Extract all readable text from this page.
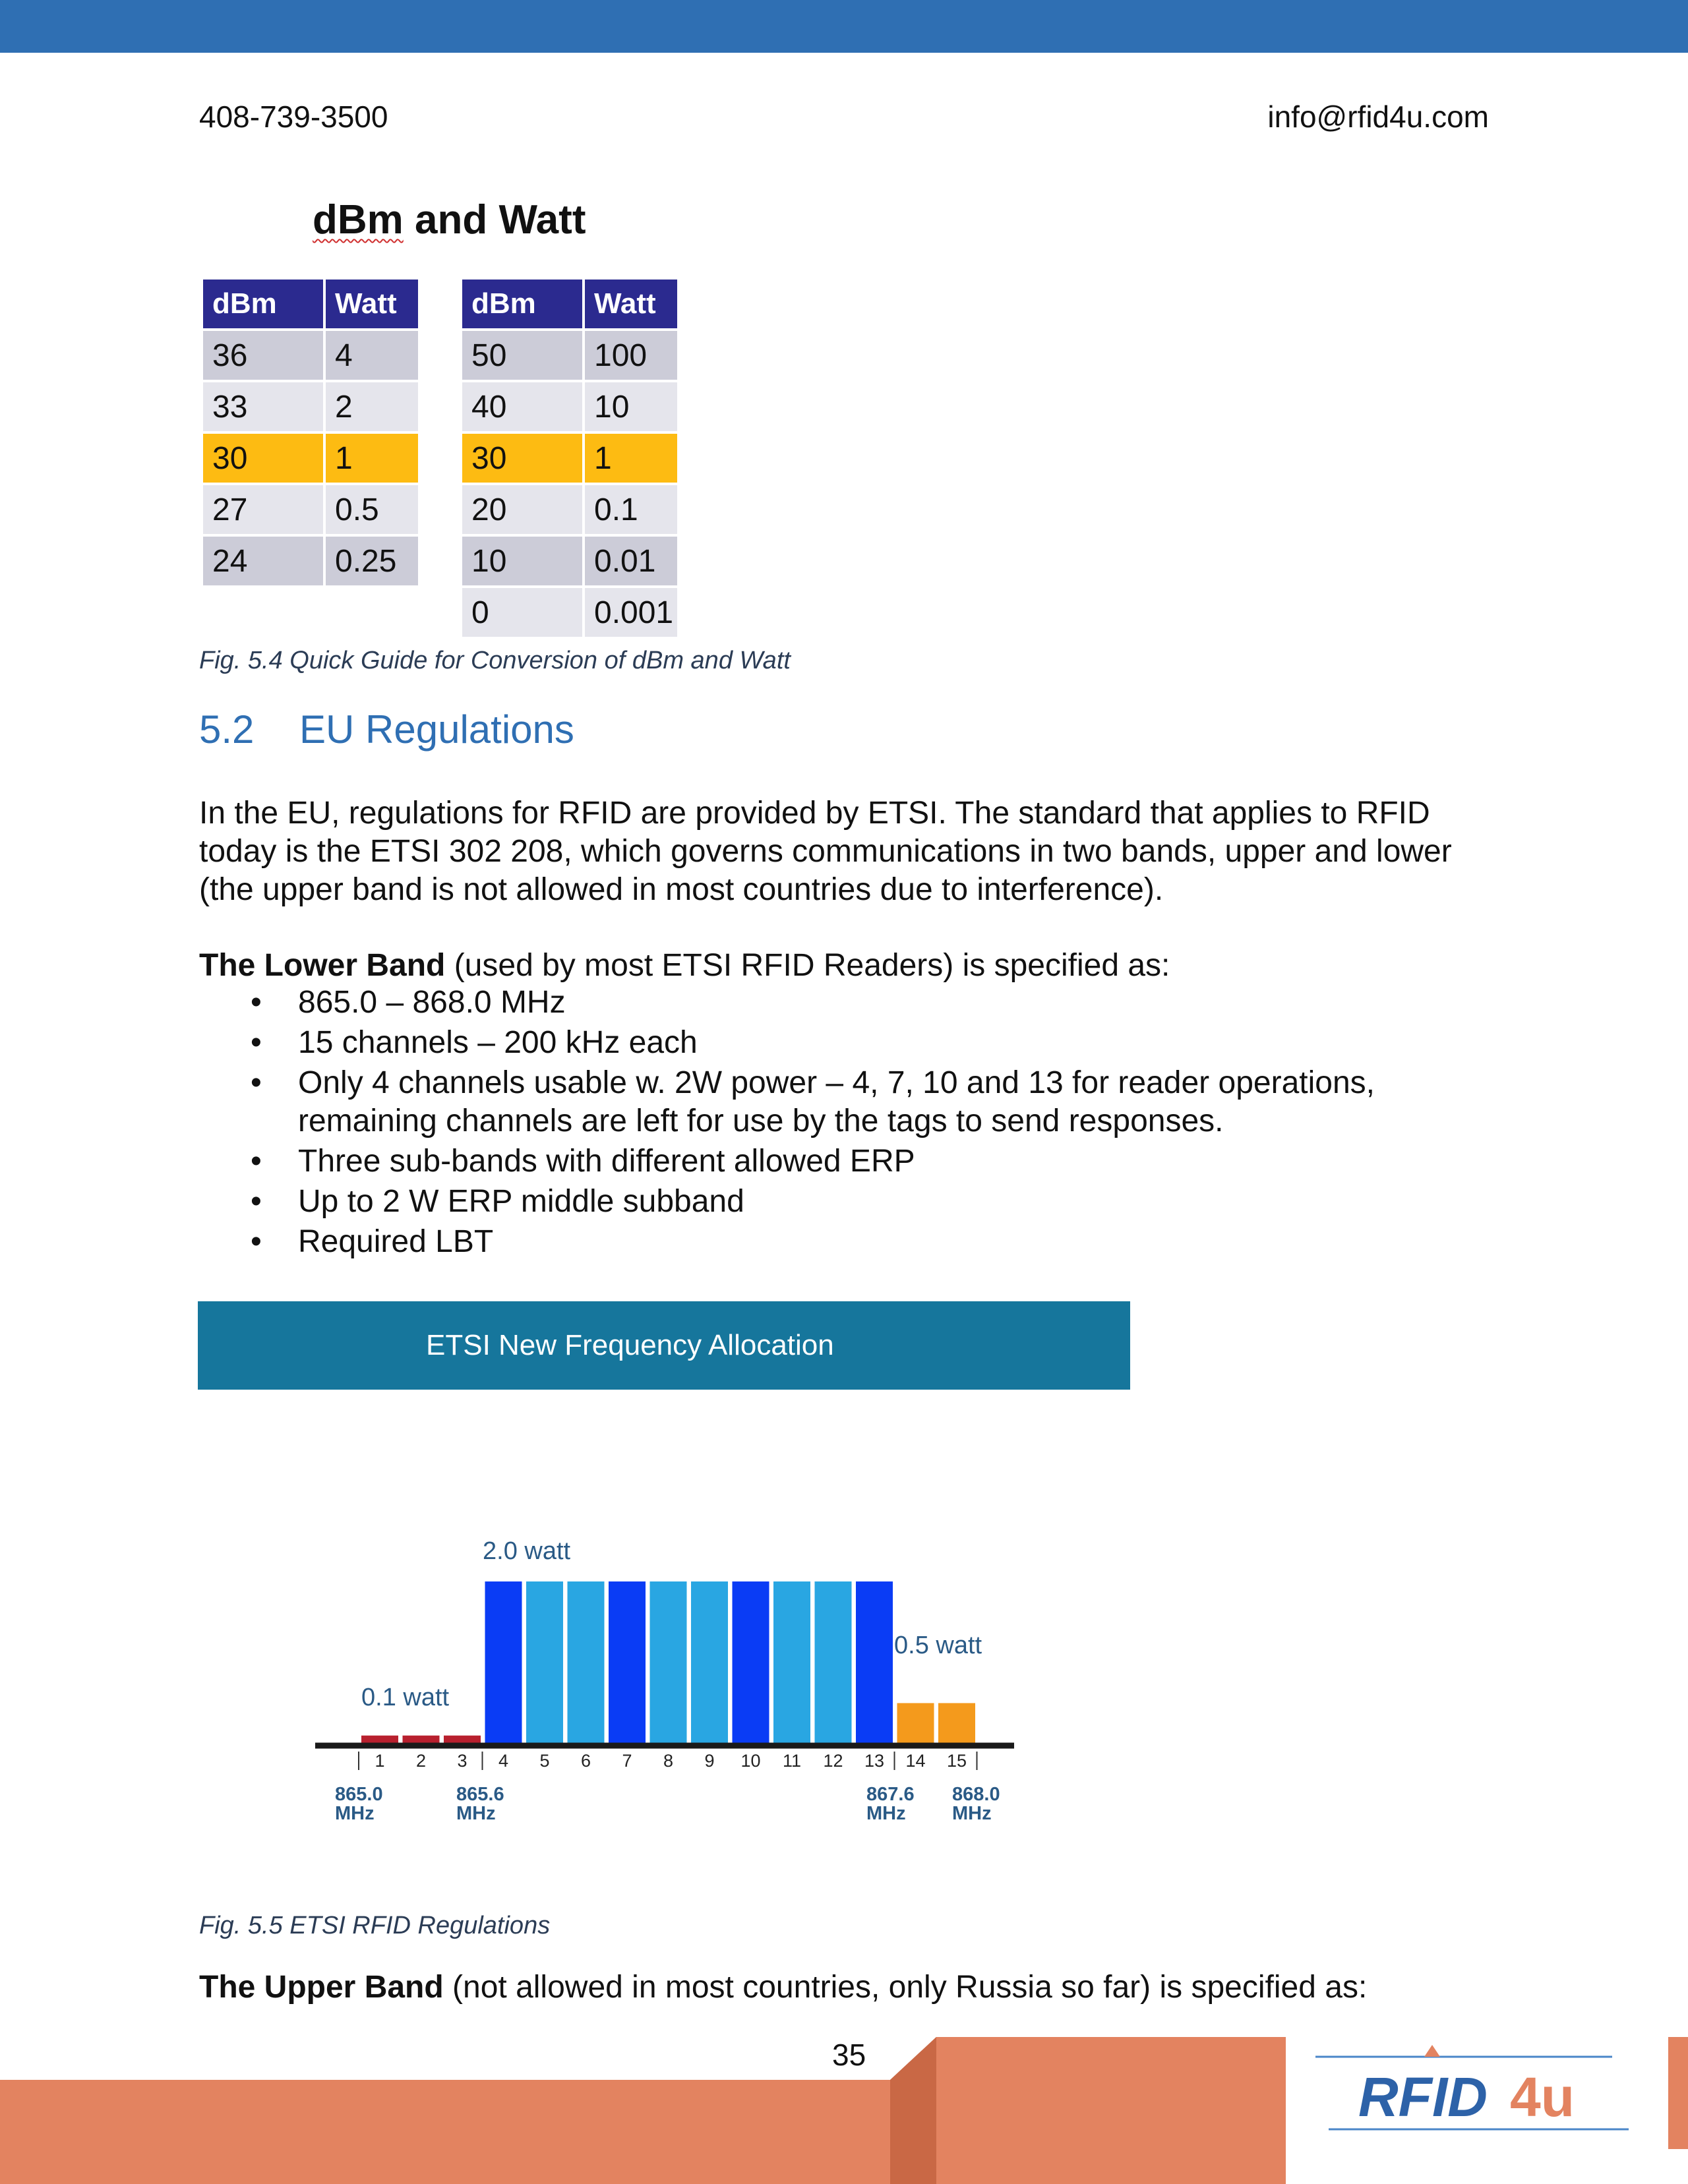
408-739-3500	info@rfid4u.com
dBm and Watt
dBm	Watt
36	4
33	2
30	1
27	0.5
24	0.25
dBm	Watt
50	100
40	10
30	1
20	0.1
10	0.01
0	0.001
Fig. 5.4 Quick Guide for Conversion of dBm and Watt
5.2 EU Regulations
In the EU, regulations for RFID are provided by ETSI. The standard that applies to RFID today is the ETSI 302 208, which governs communications in two bands, upper and lower (the upper band is not allowed in most countries due to interference).
The Lower Band (used by most ETSI RFID Readers) is specified as:
• 865.0 – 868.0 MHz
• 15 channels – 200 kHz each
• Only 4 channels usable w. 2W power – 4, 7, 10 and 13 for reader operations, remaining channels are left for use by the tags to send responses.
• Three sub-bands with different allowed ERP
• Up to 2 W ERP middle subband
• Required LBT
ETSI New Frequency Allocation
1 2 3 4 5 6 7 8 9 10 11 12 13 14 15
0.1 watt
2.0 watt
0.5 watt
865.0
MHz
865.6
MHz
867.6
MHz
868.0
MHz
Fig. 5.5 ETSI RFID Regulations
The Upper Band (not allowed in most countries, only Russia so far) is specified as:
RFID 4u
35
